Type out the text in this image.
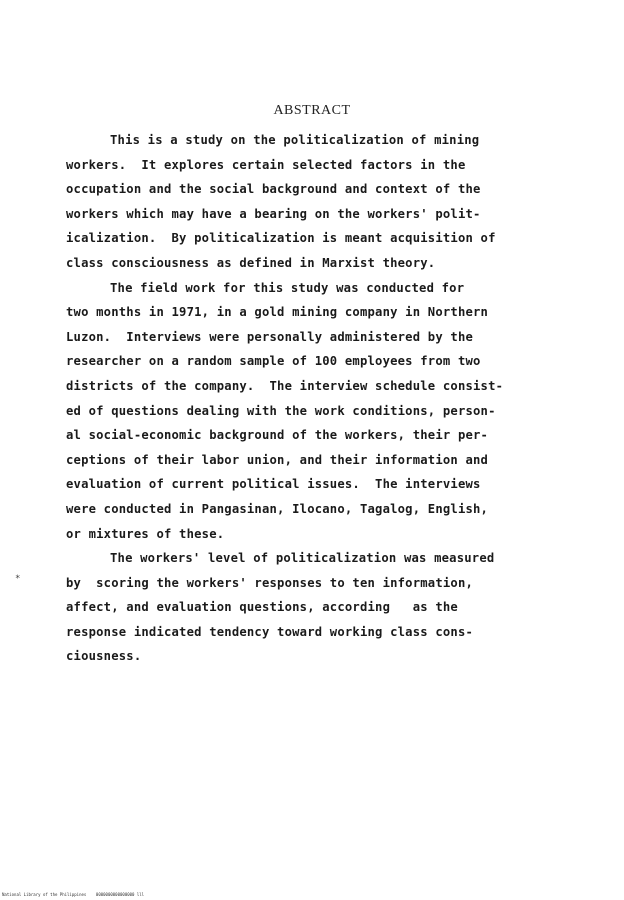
ABSTRACT
This is a study on the politicalization of mining
workers.  It explores certain selected factors in the
occupation and the social background and context of the
workers which may have a bearing on the workers' polit-
icalization.  By politicalization is meant acquisition of
class consciousness as defined in Marxist theory.
The field work for this study was conducted for
two months in 1971, in a gold mining company in Northern
Luzon.  Interviews were personally administered by the
researcher on a random sample of 100 employees from two
districts of the company.  The interview schedule consist-
ed of questions dealing with the work conditions, person-
al social-economic background of the workers, their per-
ceptions of their labor union, and their information and
evaluation of current political issues.  The interviews
were conducted in Pangasinan, Ilocano, Tagalog, English,
or mixtures of these.
The workers' level of politicalization was measured
by  scoring the workers' responses to ten information,
affect, and evaluation questions, according   as the
response indicated tendency toward working class cons-
ciousness.
*
National Library of the Philippines    0000000000000000 lll
